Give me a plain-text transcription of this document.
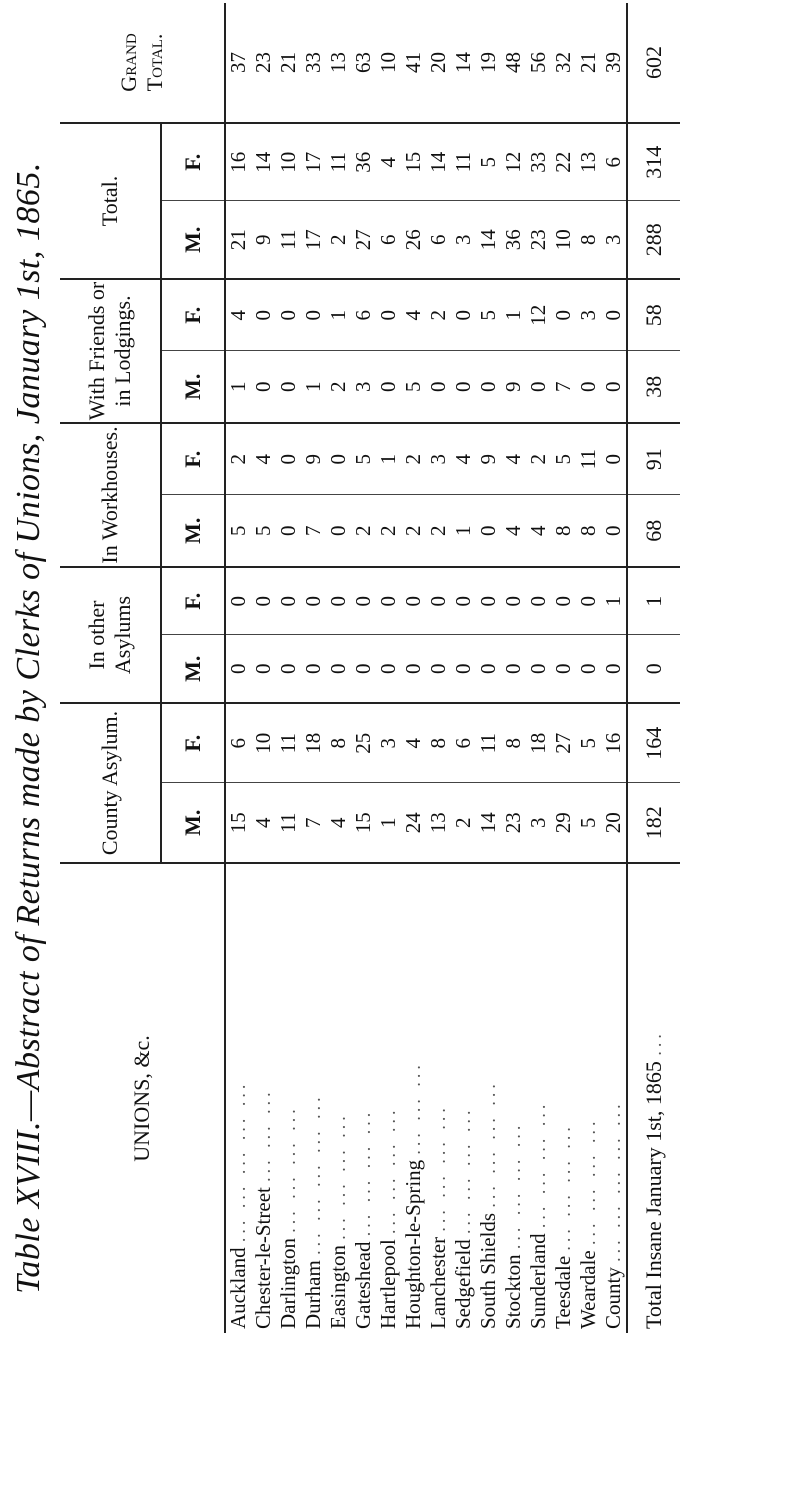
Table XVIII.—Abstract of Returns made by Clerks of Unions, January 1st, 1865.	UNIONS, &c.	County Asylum.		In other Asylums		In Workhouses.		With Friends or in Lodgings.		Total.		Grand Total.
	M.	F.	M.	F.	M.	F.	M.	F.	M.	F.	
Auckland ... ... ... ... ...	15	6	0	0	5	2	1	4	21	16	37
Chester-le-Street ... ... ...	4	10	0	0	5	4	0	0	9	14	23
Darlington ... ... ... ...	11	11	0	0	0	0	0	0	11	10	21
Durham ... ... ... ... ...	7	18	0	0	7	9	1	0	17	17	33
Easington ... ... ... ...	4	8	0	0	0	0	2	1	2	11	13
Gateshead ... ... ... ...	15	25	0	0	2	5	3	6	27	36	63
Hartlepool ... ... ... ...	1	3	0	0	2	1	0	0	6	4	10
Houghton-le-Spring ... ... ...	24	4	0	0	2	2	5	4	26	15	41
Lanchester ... ... ... ...	13	8	0	0	2	3	0	2	6	14	20
Sedgefield ... ... ... ...	2	6	0	0	1	4	0	0	3	11	14
South Shields ... ... ... ...	14	11	0	0	0	9	0	5	14	5	19
Stockton ... ... ... ...	23	8	0	0	4	4	9	1	36	12	48
Sunderland ... ... ... ...	3	18	0	0	4	2	0	12	23	33	56
Teesdale ... ... ... ...	29	27	0	0	8	5	7	0	10	22	32
Weardale ... ... ... ...	5	5	0	0	8	11	0	3	8	13	21
County ... ... ... ... ...	20	16	0	1	0	0	0	0	3	6	39
Total Insane January 1st, 1865 ...	182	164	0	1	68	91	38	58	288	314	602
